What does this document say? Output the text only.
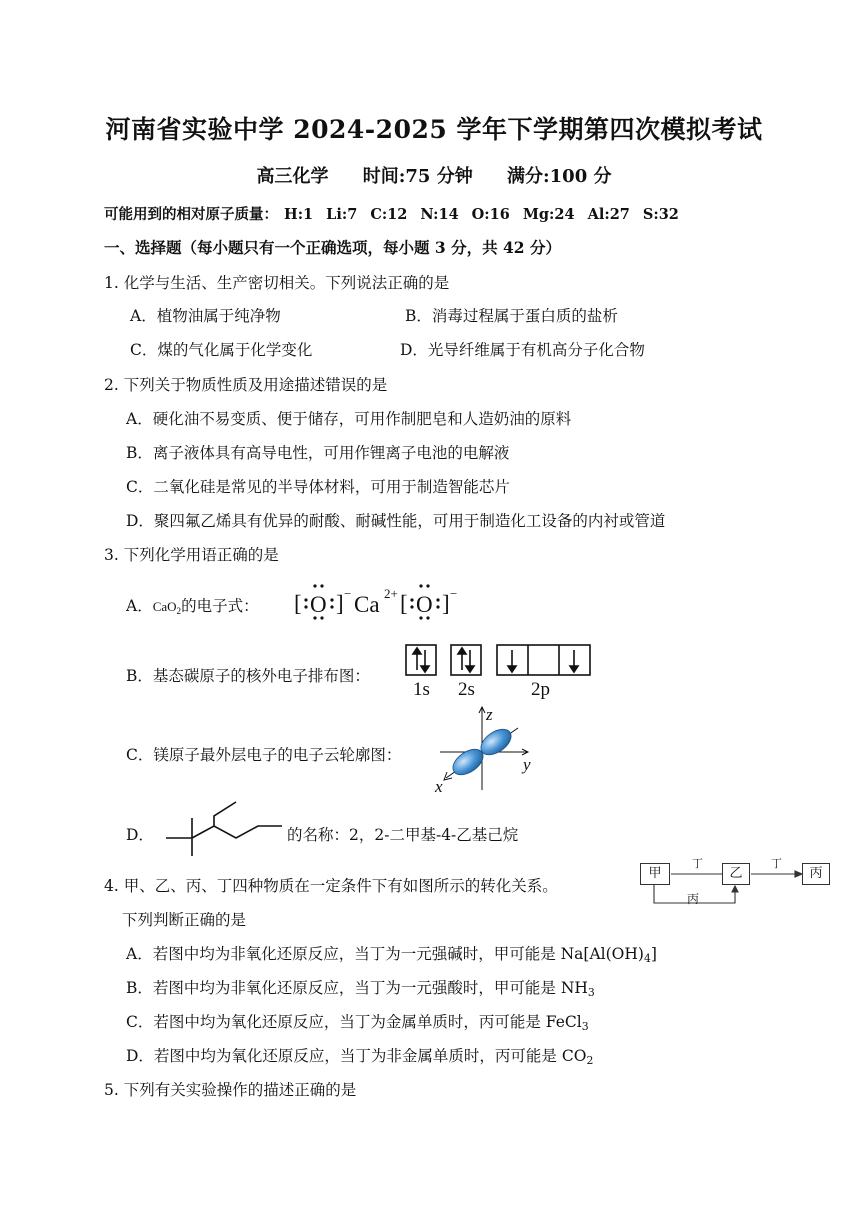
河南省实验中学 2024-2025 学年下学期第四次模拟考试
高三化学 时间:75 分钟 满分:100 分
可能用到的相对原子质量： H:1 Li:7 C:12 N:14 O:16 Mg:24 Al:27 S:32
一、选择题（每小题只有一个正确选项，每小题 3 分，共 42 分）
1. 化学与生活、生产密切相关。下列说法正确的是
A．植物油属于纯净物	B．消毒过程属于蛋白质的盐析
C．煤的气化属于化学变化	D．光导纤维属于有机高分子化合物
2. 下列关于物质性质及用途描述错误的是
A．硬化油不易变质、便于储存，可用作制肥皂和人造奶油的原料
B．离子液体具有高导电性，可用作锂离子电池的电解液
C．二氧化硅是常见的半导体材料，可用于制造智能芯片
D．聚四氟乙烯具有优异的耐酸、耐碱性能，可用于制造化工设备的内衬或管道
3. 下列化学用语正确的是
A．CaO$_2$的电子式： [ O ] − Ca 2+ [ O ] −
B．基态碳原子的核外电子排布图：
1s 2s	2p
C．镁原子最外层电子的电子云轮廓图：
z
y
x
D．	的名称：2，2-二甲基-4-乙基己烷
4. 甲、乙、丙、丁四种物质在一定条件下有如图所示的转化关系。
下列判断正确的是
甲	乙	丙
丁	丁
丙
A．若图中均为非氧化还原反应，当丁为一元强碱时，甲可能是 $Na[Al(OH)_4]$
B．若图中均为非氧化还原反应，当丁为一元强酸时，甲可能是 $NH_3$
C．若图中均为氧化还原反应，当丁为金属单质时，丙可能是 FeCl$_3$
D．若图中均为氧化还原反应，当丁为非金属单质时，丙可能是 $CO_2$
5. 下列有关实验操作的描述正确的是
